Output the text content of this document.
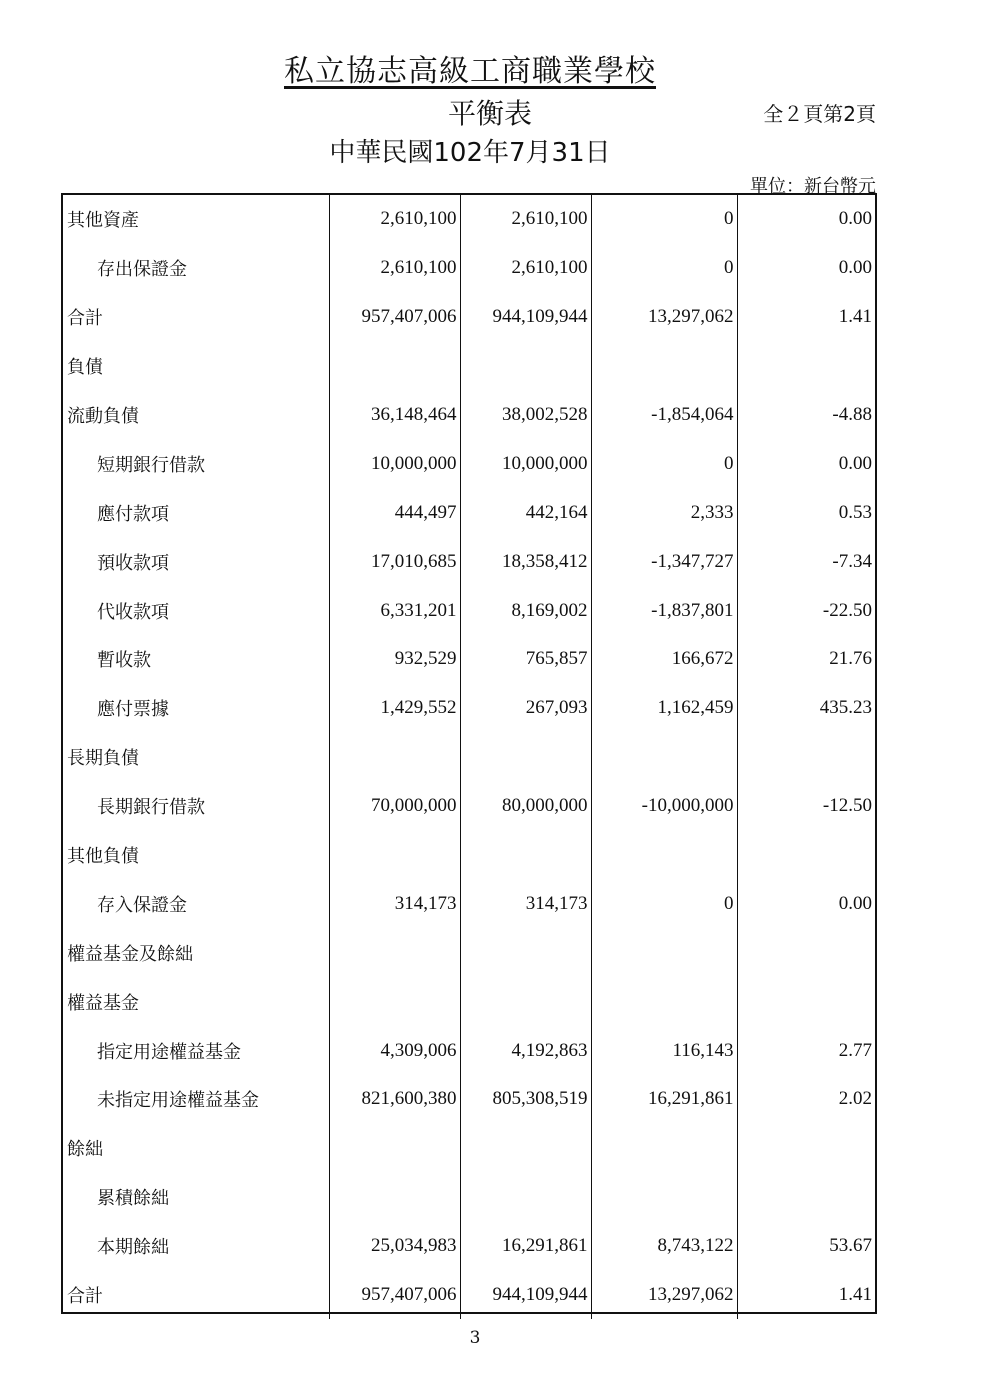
私立協志高級工商職業學校
平衡表	全２頁第2頁
中華民國102年7月31日
單位：新台幣元
其他資產	2,610,100	2,610,100	0	0.00
存出保證金	2,610,100	2,610,100	0	0.00
合計	957,407,006	944,109,944	13,297,062	1.41
負債				
流動負債	36,148,464	38,002,528	-1,854,064	-4.88
短期銀行借款	10,000,000	10,000,000	0	0.00
應付款項	444,497	442,164	2,333	0.53
預收款項	17,010,685	18,358,412	-1,347,727	-7.34
代收款項	6,331,201	8,169,002	-1,837,801	-22.50
暫收款	932,529	765,857	166,672	21.76
應付票據	1,429,552	267,093	1,162,459	435.23
長期負債				
長期銀行借款	70,000,000	80,000,000	-10,000,000	-12.50
其他負債				
存入保證金	314,173	314,173	0	0.00
權益基金及餘絀				
權益基金				
指定用途權益基金	4,309,006	4,192,863	116,143	2.77
未指定用途權益基金	821,600,380	805,308,519	16,291,861	2.02
餘絀				
累積餘絀				
本期餘絀	25,034,983	16,291,861	8,743,122	53.67
合計	957,407,006	944,109,944	13,297,062	1.41
3
